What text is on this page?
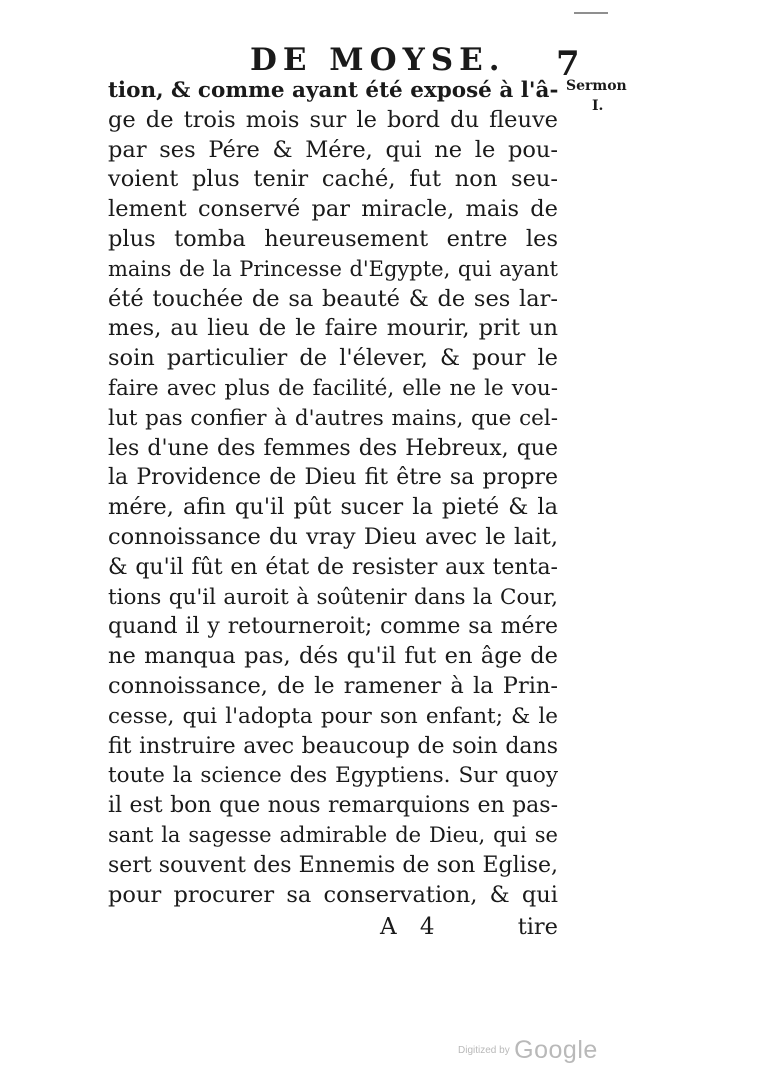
DE MOYSE.	7
Sermon
I.
tion, & comme ayant été exposé à l'â-
ge de trois mois sur le bord du fleuve
par ses Pére & Mére, qui ne le pou-
voient plus tenir caché, fut non seu-
lement conservé par miracle, mais de
plus tomba heureusement entre les
mains de la Princesse d'Egypte, qui ayant
été touchée de sa beauté & de ses lar-
mes, au lieu de le faire mourir, prit un
soin particulier de l'élever, & pour le
faire avec plus de facilité, elle ne le vou-
lut pas confier à d'autres mains, que cel-
les d'une des femmes des Hebreux, que
la Providence de Dieu fit être sa propre
mére, afin qu'il pût sucer la pieté & la
connoissance du vray Dieu avec le lait,
& qu'il fût en état de resister aux tenta-
tions qu'il auroit à soûtenir dans la Cour,
quand il y retourneroit; comme sa mére
ne manqua pas, dés qu'il fut en âge de
connoissance, de le ramener à la Prin-
cesse, qui l'adopta pour son enfant; & le
fit instruire avec beaucoup de soin dans
toute la science des Egyptiens. Sur quoy
il est bon que nous remarquions en pas-
sant la sagesse admirable de Dieu, qui se
sert souvent des Ennemis de son Eglise,
pour procurer sa conservation, & qui
A 4	tire
Digitized by Google
